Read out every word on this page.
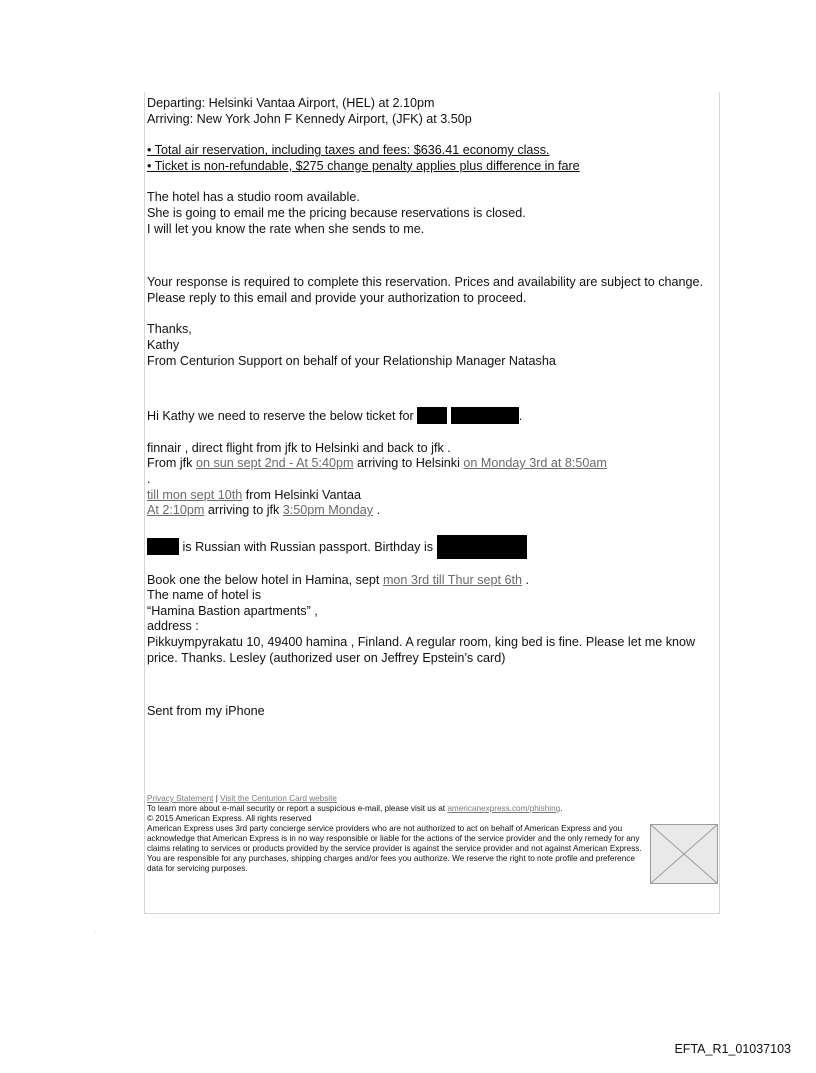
Departing: Helsinki Vantaa Airport, (HEL) at 2.10pm

Arriving: New York John F Kennedy Airport, (JFK) at 3.50p

• Total air reservation, including taxes and fees: $636.41 economy class.

• Ticket is non-refundable, $275 change penalty applies plus difference in fare

The hotel has a studio room available.

She is going to email me the pricing because reservations is closed.

I will let you know the rate when she sends to me.

Your response is required to complete this reservation. Prices and availability are subject to change.

Please reply to this email and provide your authorization to proceed.

Thanks,

Kathy

From Centurion Support on behalf of your Relationship Manager Natasha

Hi Kathy we need to reserve the below ticket for	.

finnair , direct flight from jfk to Helsinki and back to jfk .

From jfk on sun sept 2nd - At 5:40pm arriving to Helsinki on Monday 3rd at 8:50am

.

till mon sept 10th from Helsinki Vantaa

At 2:10pm arriving to jfk 3:50pm Monday .

is Russian with Russian passport. Birthday is

Book one the below hotel in Hamina, sept mon 3rd till Thur sept 6th .

The name of hotel is

“Hamina Bastion apartments” ,

address :

Pikkuympyrakatu 10, 49400 hamina , Finland. A regular room, king bed is fine. Please let me know price. Thanks. Lesley (authorized user on Jeffrey Epstein’s card)

Sent from my iPhone

Privacy Statement | Visit the Centurion Card website
To learn more about e-mail security or report a suspicious e-mail, please visit us at americanexpress.com/phishing.
© 2015 American Express. All rights reserved
American Express uses 3rd party concierge service providers who are not authorized to act on behalf of American Express and you acknowledge that American Express is in no way responsible or liable for the actions of the service provider and the only remedy for any claims relating to services or products provided by the service provider is against the service provider and not against American Express. You are responsible for any purchases, shipping charges and/or fees you authorize. We reserve the right to note profile and preference data for servicing purposes.
·
EFTA_R1_01037103
